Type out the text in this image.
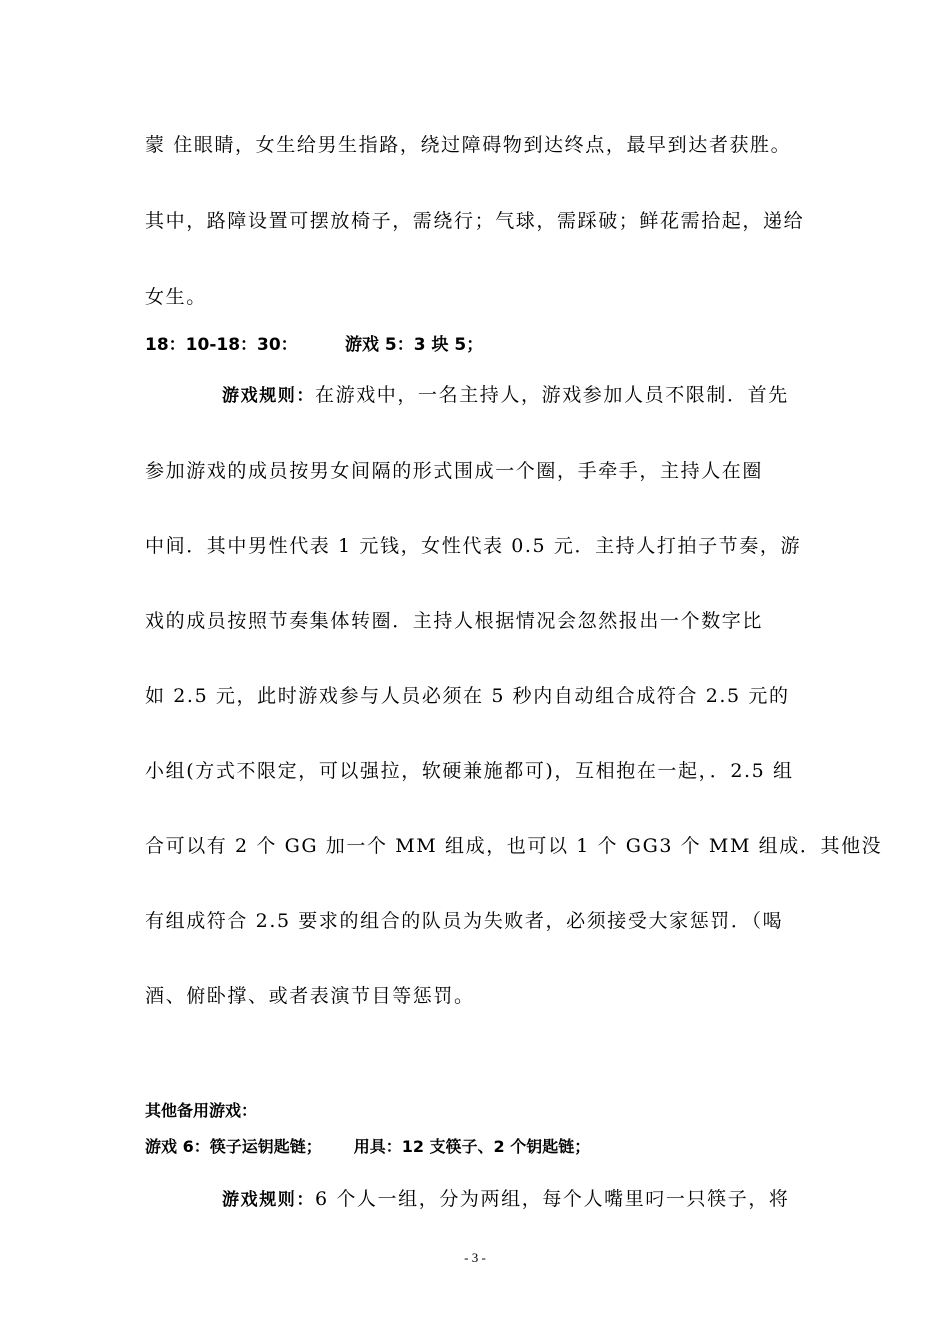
蒙 住眼睛，女生给男生指路，绕过障碍物到达终点，最早到达者获胜。
其中，路障设置可摆放椅子，需绕行；气球，需踩破；鲜花需拾起，递给
女生。
18：10-18：30：	游戏 5：3 块 5；
游戏规则：在游戏中，一名主持人，游戏参加人员不限制．首先
参加游戏的成员按男女间隔的形式围成一个圈，手牵手，主持人在圈
中间．其中男性代表 1 元钱，女性代表 0.5 元．主持人打拍子节奏，游
戏的成员按照节奏集体转圈．主持人根据情况会忽然报出一个数字比
如 2.5 元，此时游戏参与人员必须在 5 秒内自动组合成符合 2.5 元的
小组(方式不限定，可以强拉，软硬兼施都可)，互相抱在一起，．2.5 组
合可以有 2 个 GG 加一个 MM 组成，也可以 1 个 GG3 个 MM 组成．其他没
有组成符合 2.5 要求的组合的队员为失败者，必须接受大家惩罚．（喝
酒、俯卧撑、或者表演节目等惩罚。
其他备用游戏：
游戏 6：筷子运钥匙链； 用具：12 支筷子、2 个钥匙链；
游戏规则：6 个人一组，分为两组，每个人嘴里叼一只筷子，将
- 3 -
